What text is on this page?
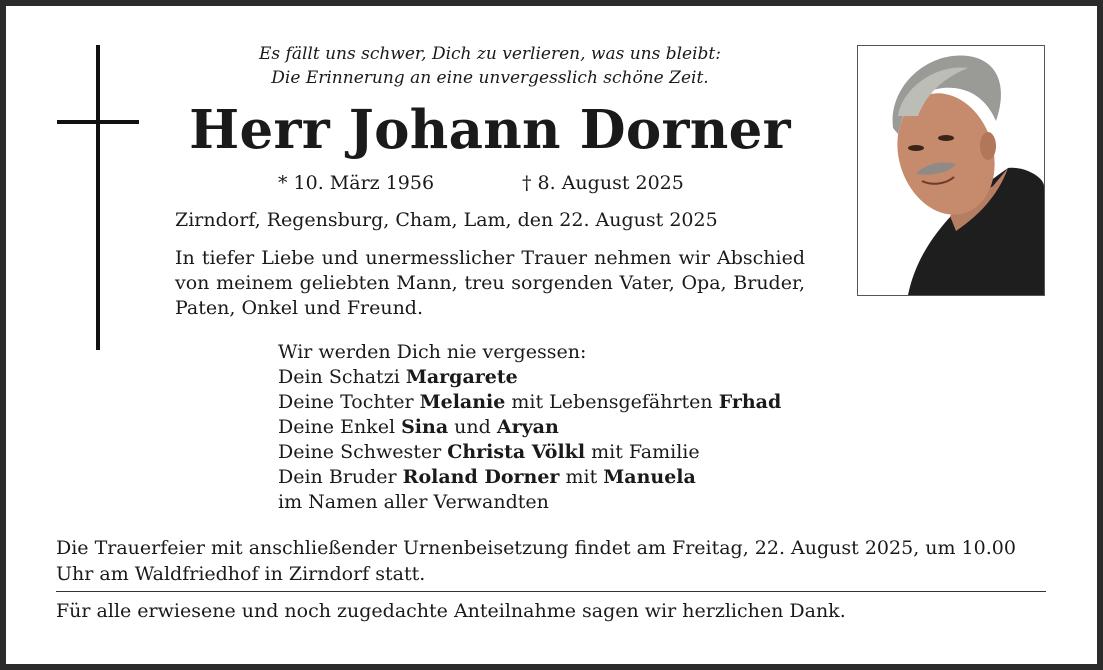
Es fällt uns schwer, Dich zu verlieren, was uns bleibt:
Die Erinnerung an eine unvergesslich schöne Zeit.
Herr Johann Dorner
* 10. März 1956	† 8. August 2025
Zirndorf, Regensburg, Cham, Lam, den 22. August 2025
In tiefer Liebe und unermesslicher Trauer nehmen wir Abschied von meinem geliebten Mann, treu sorgenden Vater, Opa, Bruder, Paten, Onkel und Freund.
Wir werden Dich nie vergessen:
Dein Schatzi Margarete
Deine Tochter Melanie mit Lebensgefährten Frhad
Deine Enkel Sina und Aryan
Deine Schwester Christa Völkl mit Familie
Dein Bruder Roland Dorner mit Manuela
im Namen aller Verwandten
Die Trauerfeier mit anschließender Urnenbeisetzung findet am Freitag, 22. August 2025, um 10.00 Uhr am Waldfriedhof in Zirndorf statt.
Für alle erwiesene und noch zugedachte Anteilnahme sagen wir herzlichen Dank.
